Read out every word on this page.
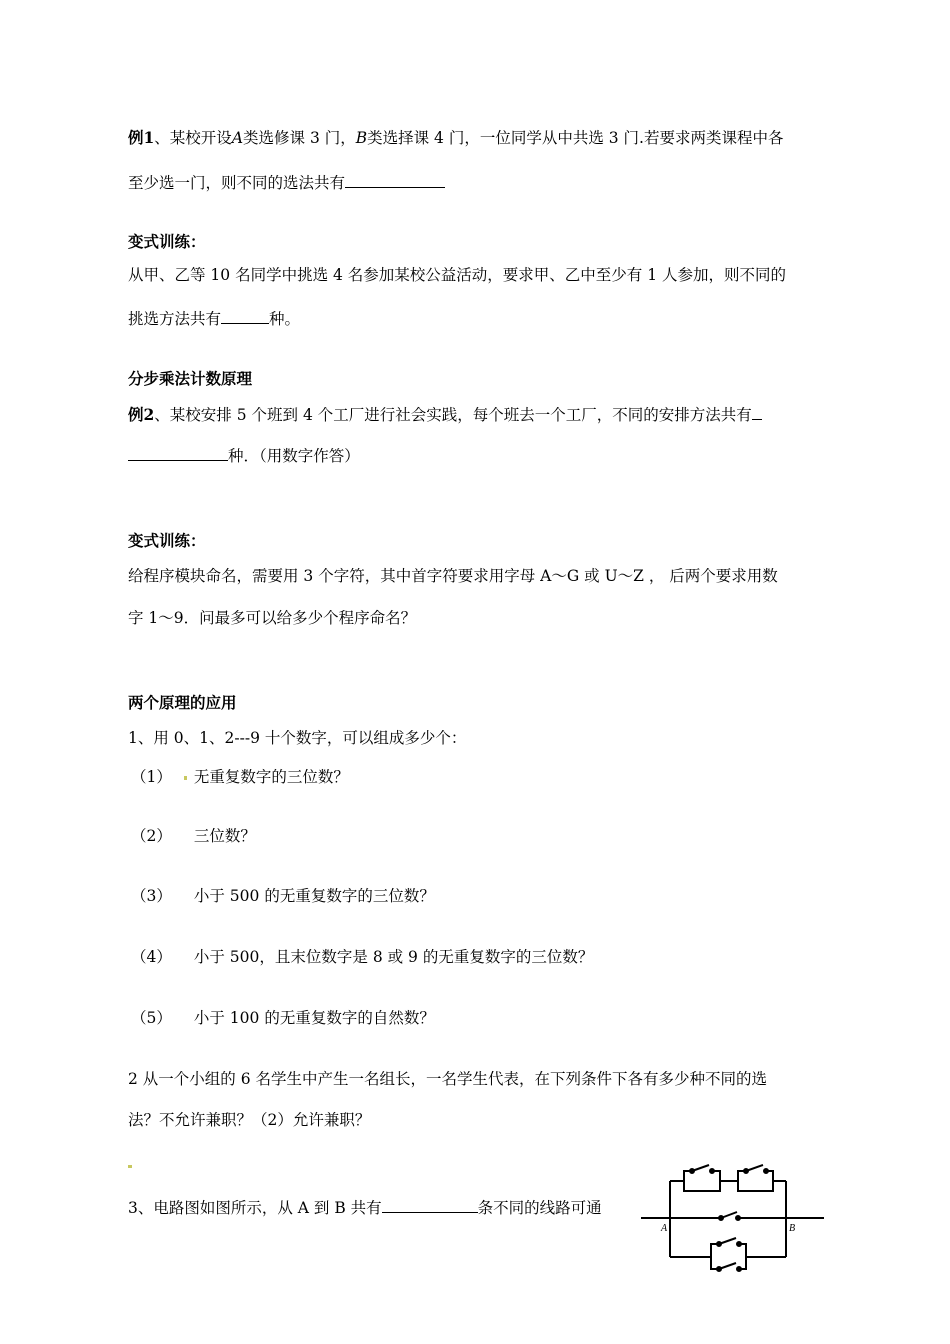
例1、某校开设A类选修课 3 门，B类选择课 4 门，一位同学从中共选 3 门.若要求两类课程中各
至少选一门，则不同的选法共有
变式训练：
从甲、乙等 10 名同学中挑选 4 名参加某校公益活动，要求甲、乙中至少有 1 人参加，则不同的
挑选方法共有	种。
分步乘法计数原理
例2、某校安排 5 个班到 4 个工厂进行社会实践，每个班去一个工厂，不同的安排方法共有
种．（用数字作答）
变式训练：
给程序模块命名，需要用 3 个字符，其中首字符要求用字母 A～G 或 U～Z ， 后两个要求用数
字 1～9．问最多可以给多少个程序命名？
两个原理的应用
1、用 0、1、2---9 十个数字，可以组成多少个：
（1） 无重复数字的三位数？
（2） 三位数？
（3） 小于 500 的无重复数字的三位数？
（4） 小于 500，且末位数字是 8 或 9 的无重复数字的三位数？
（5） 小于 100 的无重复数字的自然数？
2 从一个小组的 6 名学生中产生一名组长，一名学生代表，在下列条件下各有多少种不同的选
法？不允许兼职？（2）允许兼职？
3、电路图如图所示，从 A 到 B 共有	条不同的线路可通
A	B
